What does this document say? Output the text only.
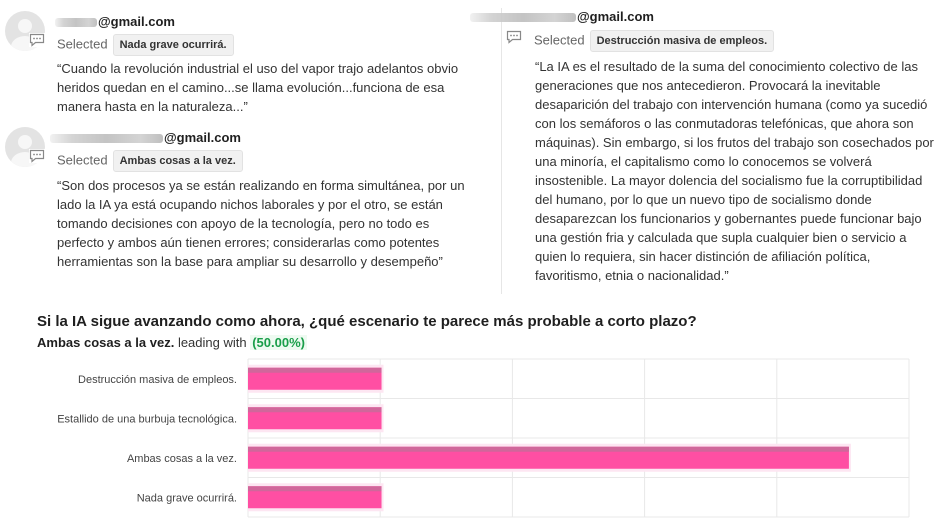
@gmail.com
Selected Nada grave ocurrirá.
“Cuando la revolución industrial el uso del vapor trajo adelantos obvio heridos quedan en el camino...se llama evolución...funciona de esa manera hasta en la naturaleza...”
@gmail.com
Selected Ambas cosas a la vez.
“Son dos procesos ya se están realizando en forma simultánea, por un lado la IA ya está ocupando nichos laborales y por el otro, se están tomando decisiones con apoyo de la tecnología, pero no todo es perfecto y ambos aún tienen errores; considerarlas como potentes herramientas son la base para ampliar su desarrollo y desempeño”
@gmail.com
Selected Destrucción masiva de empleos.
“La IA es el resultado de la suma del conocimiento colectivo de las generaciones que nos antecedieron. Provocará la inevitable desaparición del trabajo con intervención humana (como ya sucedió con los semáforos o las conmutadoras telefónicas, que ahora son máquinas). Sin embargo, si los frutos del trabajo son cosechados por una minoría, el capitalismo como lo conocemos se volverá insostenible. La mayor dolencia del socialismo fue la corruptibilidad del humano, por lo que un nuevo tipo de socialismo donde desaparezcan los funcionarios y gobernantes puede funcionar bajo una gestión fria y calculada que supla cualquier bien o servicio a quien lo requiera, sin hacer distinción de afiliación política, favoritismo, etnia o nacionalidad.”
Si la IA sigue avanzando como ahora, ¿qué escenario te parece más probable a corto plazo?
Ambas cosas a la vez. leading with (50.00%)
Destrucción masiva de empleos.
Estallido de una burbuja tecnológica.
Ambas cosas a la vez.
Nada grave ocurrirá.
